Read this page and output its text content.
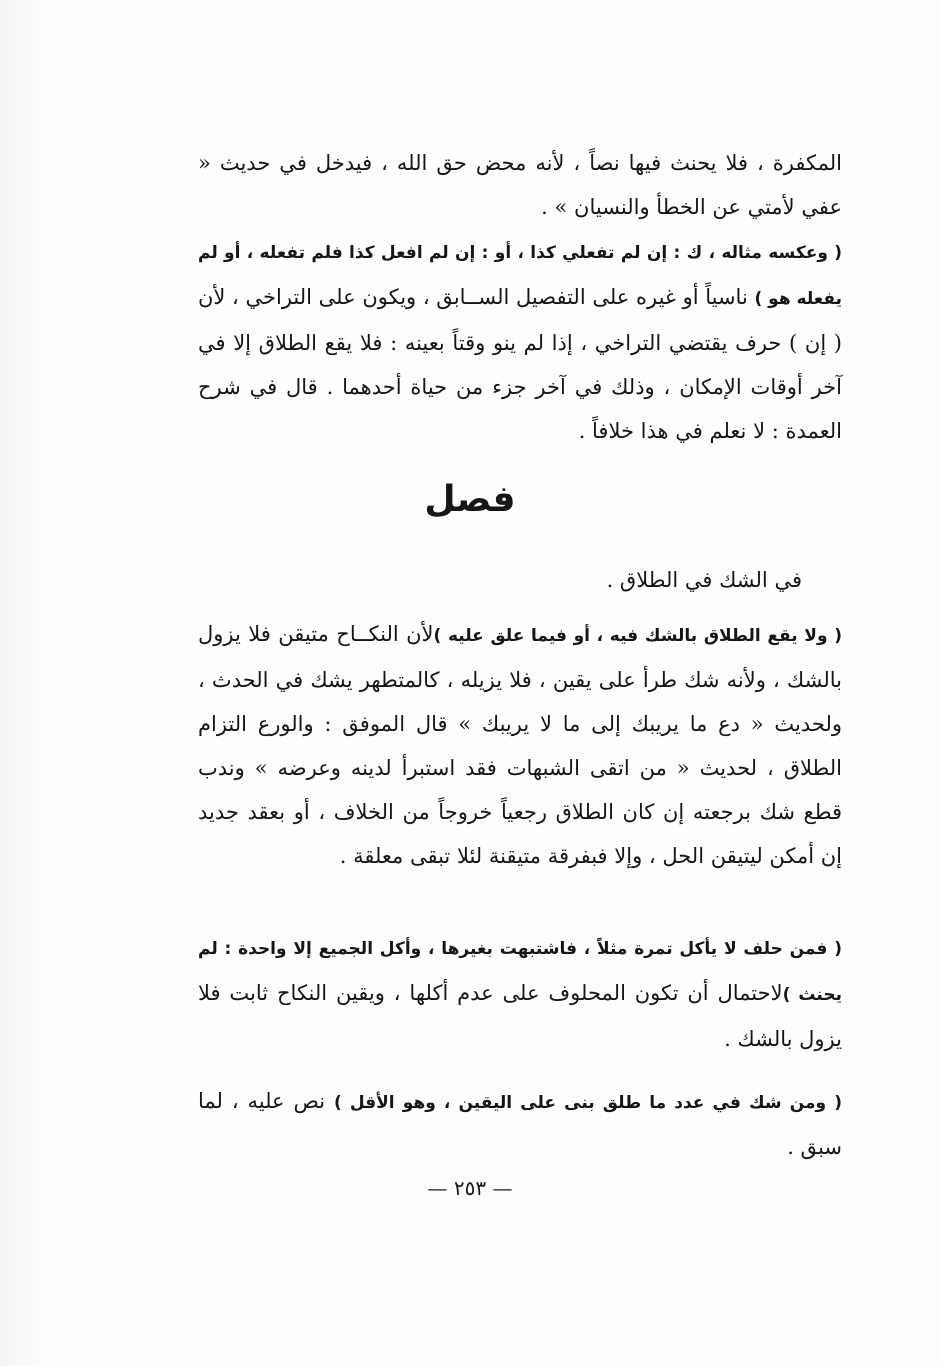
المكفرة ، فلا يحنث فيها نصاً ، لأنه محض حق الله ، فيدخل في حديث « عفي لأمتي عن الخطأ والنسيان » .

( وعكسه مثاله ، ك : إن لم تفعلي كذا ، أو : إن لم افعل كذا فلم تفعله ، أو لم يفعله هو ) ناسياً أو غيره على التفصيل الســابق ، ويكون على التراخي ، لأن ( إن ) حرف يقتضي التراخي ، إذا لم ينو وقتاً بعينه : فلا يقع الطلاق إلا في آخر أوقات الإمكان ، وذلك في آخر جزء من حياة أحدهما . قال في شرح العمدة : لا نعلم في هذا خلافاً .

فصل

في الشك في الطلاق .

( ولا يقع الطلاق بالشك فيه ، أو فيما علق عليه )لأن النكــاح متيقن فلا يزول بالشك ، ولأنه شك طرأ على يقين ، فلا يزيله ، كالمتطهر يشك في الحدث ، ولحديث « دع ما يريبك إلى ما لا يريبك » قال الموفق : والورع التزام الطلاق ، لحديث « من اتقى الشبهات فقد استبرأ لدينه وعرضه » وندب قطع شك برجعته إن كان الطلاق رجعياً خروجاً من الخلاف ، أو بعقد جديد إن أمكن ليتيقن الحل ، وإلا فبفرقة متيقنة لئلا تبقى معلقة .

( فمن حلف لا يأكل تمرة مثلاً ، فاشتبهت بغيرها ، وأكل الجميع إلا واحدة : لم يحنث )لاحتمال أن تكون المحلوف على عدم أكلها ، ويقين النكاح ثابت فلا يزول بالشك .

( ومن شك في عدد ما طلق بنى على اليقين ، وهو الأقل ) نص عليه ، لما سبق .

— ٢٥٣ —
